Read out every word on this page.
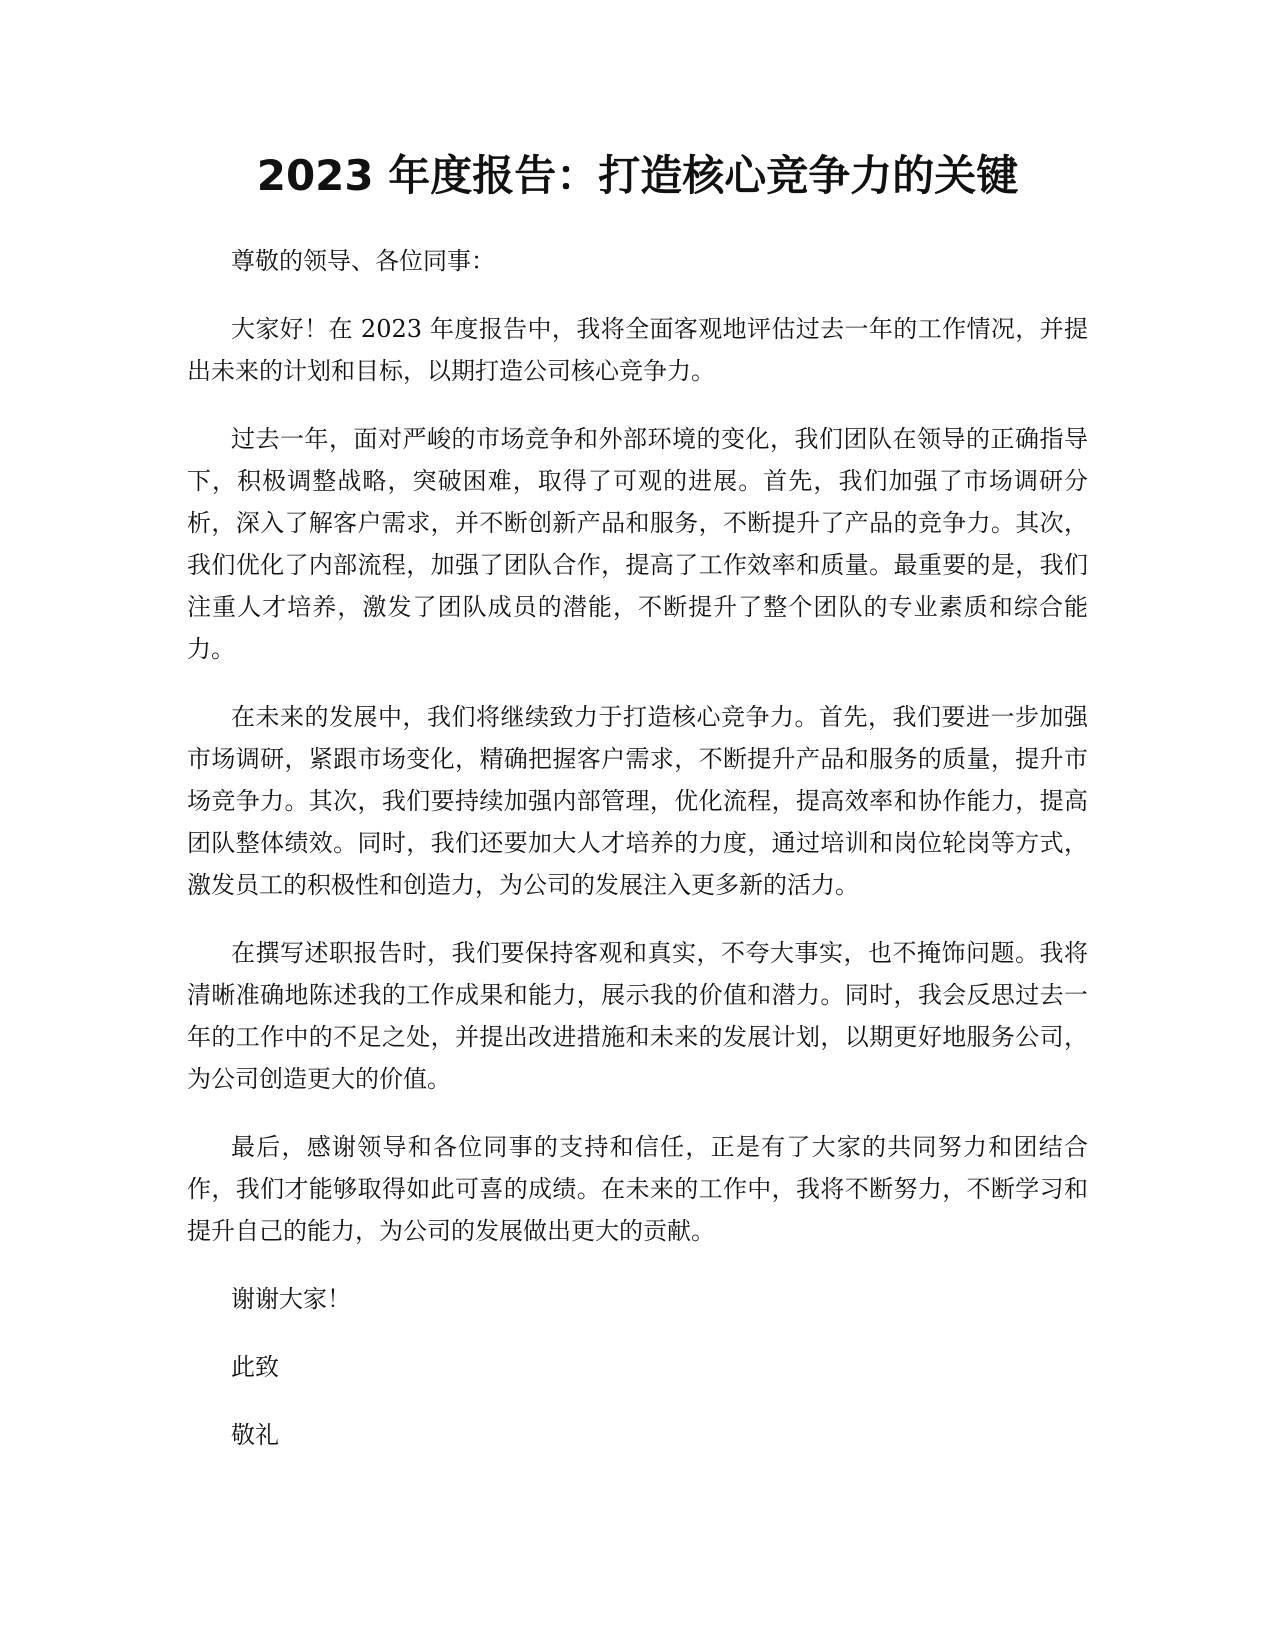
2023 年度报告：打造核心竞争力的关键

尊敬的领导、各位同事：

大家好！在 2023 年度报告中，我将全面客观地评估过去一年的工作情况，并提出未来的计划和目标，以期打造公司核心竞争力。

过去一年，面对严峻的市场竞争和外部环境的变化，我们团队在领导的正确指导下，积极调整战略，突破困难，取得了可观的进展。首先，我们加强了市场调研分析，深入了解客户需求，并不断创新产品和服务，不断提升了产品的竞争力。其次，我们优化了内部流程，加强了团队合作，提高了工作效率和质量。最重要的是，我们注重人才培养，激发了团队成员的潜能，不断提升了整个团队的专业素质和综合能力。

在未来的发展中，我们将继续致力于打造核心竞争力。首先，我们要进一步加强市场调研，紧跟市场变化，精确把握客户需求，不断提升产品和服务的质量，提升市场竞争力。其次，我们要持续加强内部管理，优化流程，提高效率和协作能力，提高团队整体绩效。同时，我们还要加大人才培养的力度，通过培训和岗位轮岗等方式，激发员工的积极性和创造力，为公司的发展注入更多新的活力。

在撰写述职报告时，我们要保持客观和真实，不夸大事实，也不掩饰问题。我将清晰准确地陈述我的工作成果和能力，展示我的价值和潜力。同时，我会反思过去一年的工作中的不足之处，并提出改进措施和未来的发展计划，以期更好地服务公司，为公司创造更大的价值。

最后，感谢领导和各位同事的支持和信任，正是有了大家的共同努力和团结合作，我们才能够取得如此可喜的成绩。在未来的工作中，我将不断努力，不断学习和提升自己的能力，为公司的发展做出更大的贡献。

谢谢大家！

此致

敬礼
